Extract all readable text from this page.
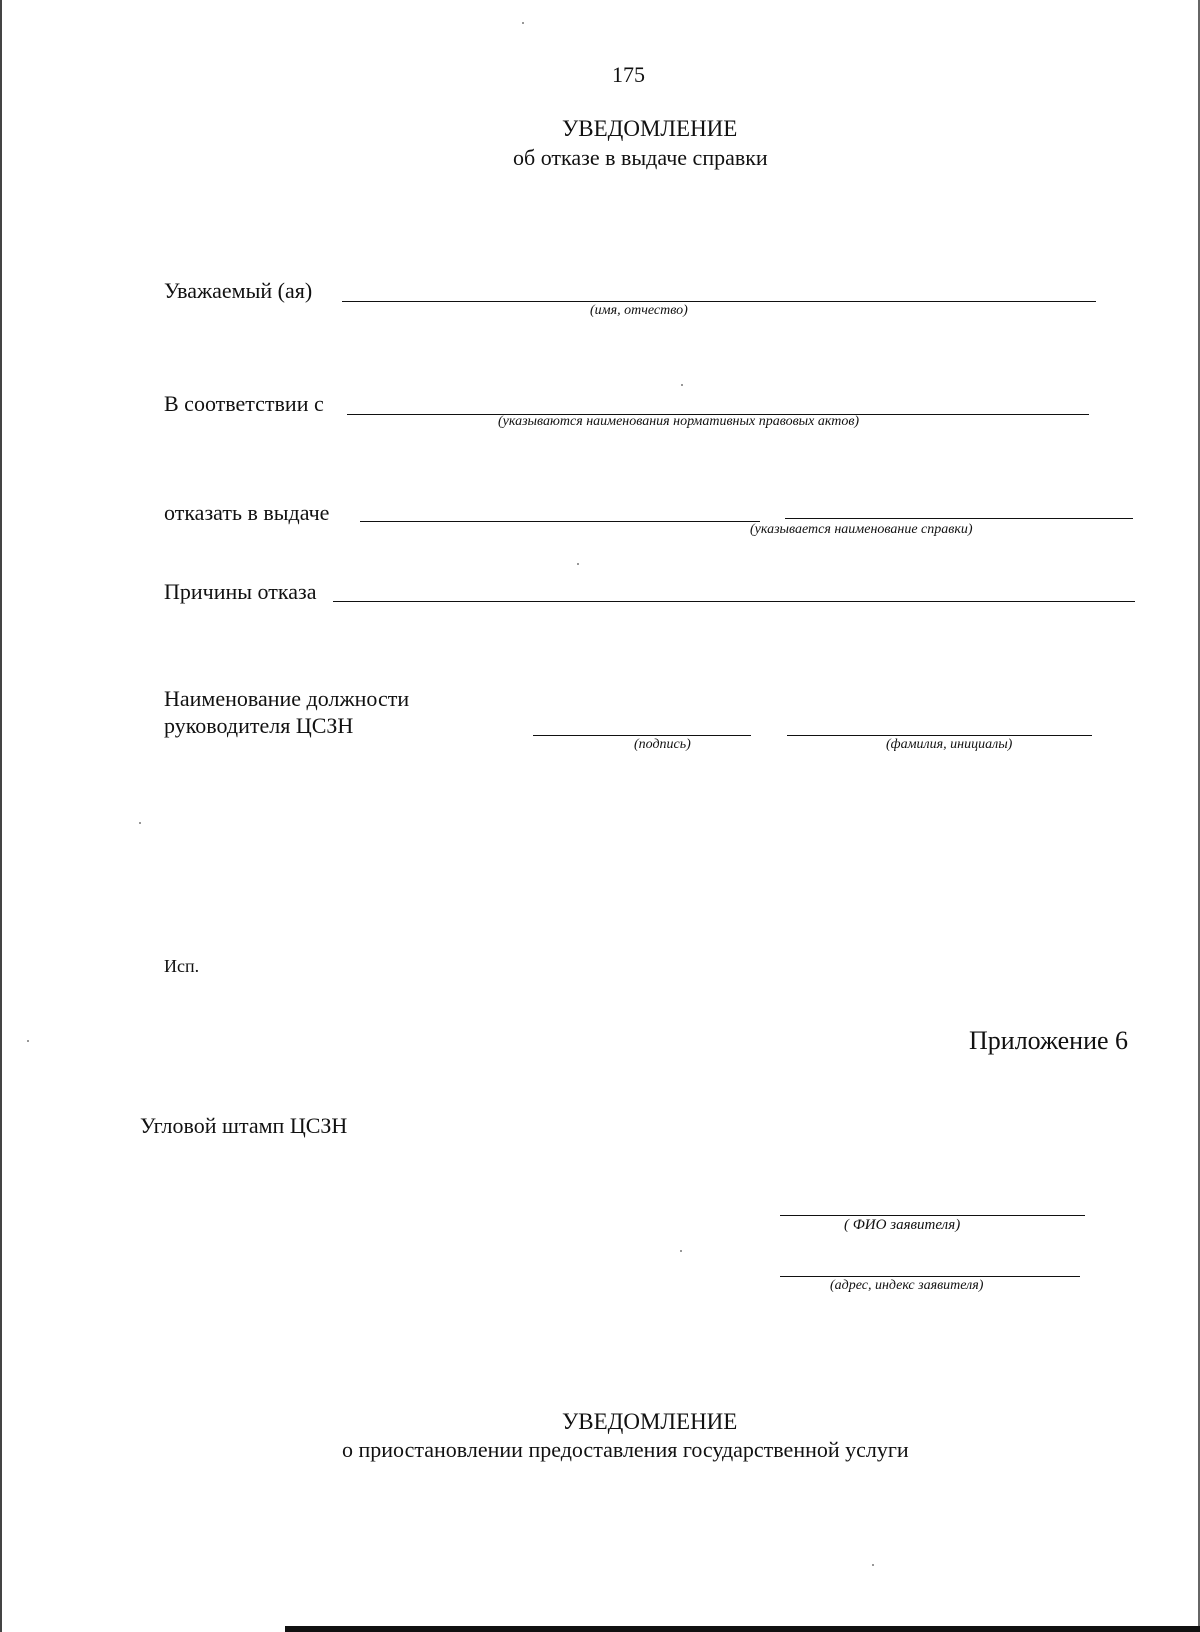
175
УВЕДОМЛЕНИЕ
об отказе в выдаче справки
Уважаемый (ая)
(имя, отчество)
В соответствии с
(указываются наименования нормативных правовых актов)
отказать в выдаче
(указывается наименование справки)
Причины отказа
Наименование должности
руководителя ЦСЗН
(подпись)	(фамилия, инициалы)
Исп.
Приложение 6
Угловой штамп ЦСЗН
( ФИО заявителя)
(адрес, индекс заявителя)
УВЕДОМЛЕНИЕ
о приостановлении предоставления государственной услуги
